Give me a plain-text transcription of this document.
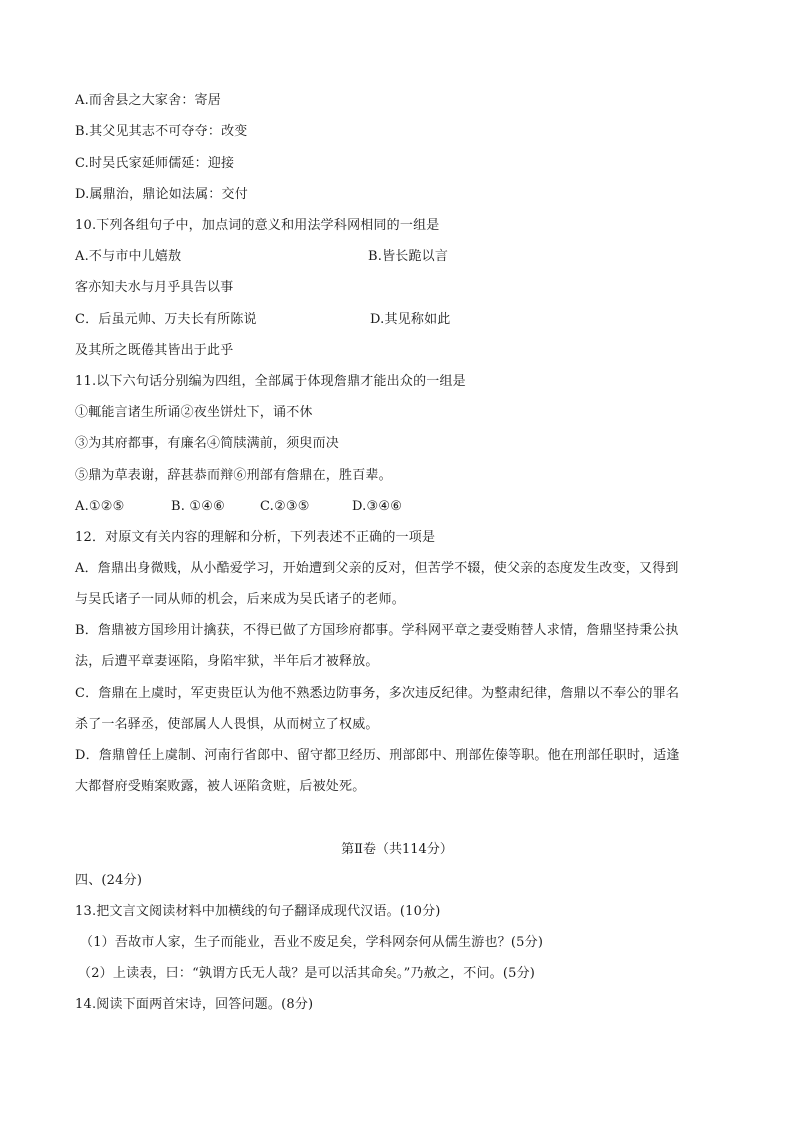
A.而舍县之大家舍：寄居
B.其父见其志不可夺夺：改变
C.时吴氏家延师儒延：迎接
D.属鼎治，鼎论如法属：交付
10.下列各组句子中，加点词的意义和用法学科网相同的一组是
A.不与市中儿嬉敖	B.皆长跪以言
客亦知夫水与月乎具告以事
C．后虽元帅、万夫长有所陈说	D.其见称如此
及其所之既倦其皆出于此乎
11.以下六句话分别编为四组，全部属于体现詹鼎才能出众的一组是
①輒能言诸生所诵②夜坐饼灶下，诵不休
③为其府都事，有廉名④简牍满前，须臾而决
⑤鼎为草表谢，辞甚恭而辩⑥刑部有詹鼎在，胜百辈。
A.①②⑤	B. ①④⑥	C.②③⑤	D.③④⑥
12．对原文有关内容的理解和分析，下列表述不正确的一项是
A．詹鼎出身微贱，从小酷爱学习，开始遭到父亲的反对，但苦学不辍，使父亲的态度发生改变，又得到
与吴氏诸子一同从师的机会，后来成为吴氏诸子的老师。
B．詹鼎被方国珍用计擒获，不得已做了方国珍府都事。学科网平章之妻受贿替人求情，詹鼎坚持秉公执
法，后遭平章妻诬陷，身陷牢狱，半年后才被释放。
C．詹鼎在上虞时，军吏贵臣认为他不熟悉边防事务，多次违反纪律。为整肃纪律，詹鼎以不奉公的罪名
杀了一名驿丞，使部属人人畏惧，从而树立了权威。
D．詹鼎曾任上虞制、河南行省郎中、留守都卫经历、刑部郎中、刑部佐傣等职。他在刑部任职时，适逢
大都督府受贿案败露，被人诬陷贪赃，后被处死。
第Ⅱ卷（共114分）
四、(24分)
13.把文言文阅读材料中加横线的句子翻译成现代汉语。(10分)
（1）吾故市人家，生子而能业，吾业不废足矣，学科网奈何从儒生游也？(5分)
（2）上读表，曰：“孰谓方氏无人哉？是可以活其命矣。”乃赦之，不问。(5分)
14.阅读下面两首宋诗，回答问题。(8分)
